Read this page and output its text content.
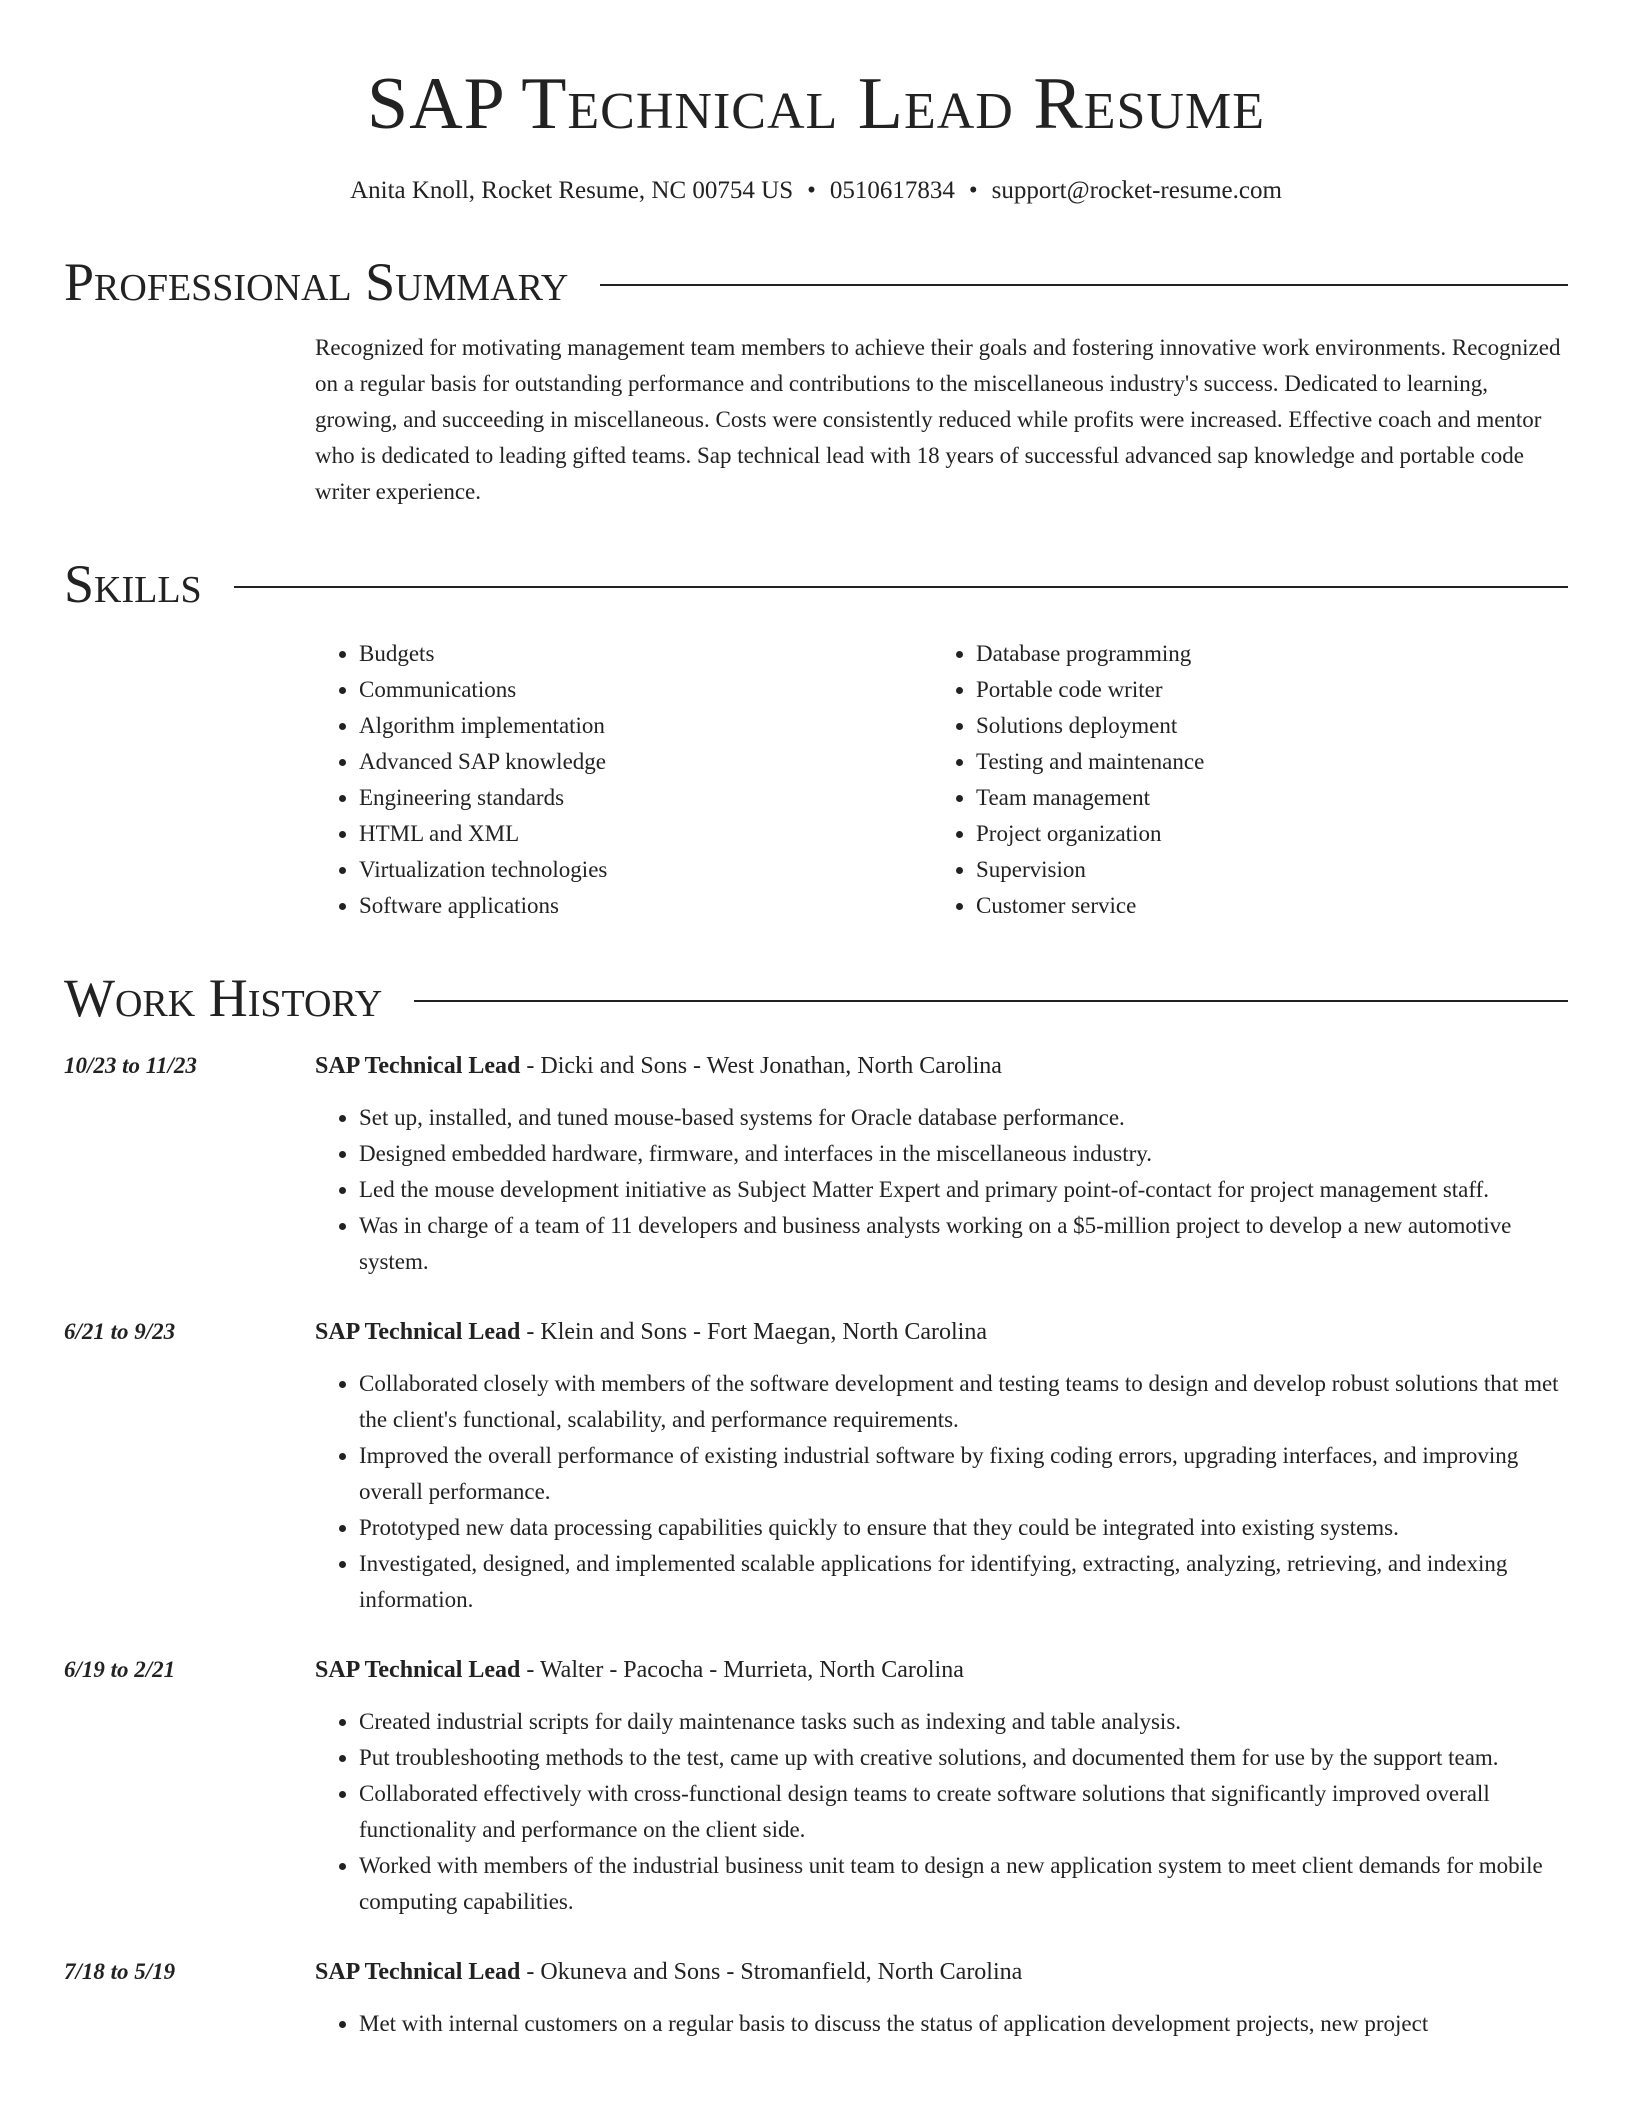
SAP Technical Lead Resume
Anita Knoll, Rocket Resume, NC 00754 US • 0510617834 • support@rocket-resume.com
Professional Summary
Recognized for motivating management team members to achieve their goals and fostering innovative work environments. Recognized on a regular basis for outstanding performance and contributions to the miscellaneous industry's success. Dedicated to learning, growing, and succeeding in miscellaneous. Costs were consistently reduced while profits were increased. Effective coach and mentor who is dedicated to leading gifted teams. Sap technical lead with 18 years of successful advanced sap knowledge and portable code writer experience.
Skills
• Budgets
• Communications
• Algorithm implementation
• Advanced SAP knowledge
• Engineering standards
• HTML and XML
• Virtualization technologies
• Software applications
• Database programming
• Portable code writer
• Solutions deployment
• Testing and maintenance
• Team management
• Project organization
• Supervision
• Customer service
Work History
10/23 to 11/23	SAP Technical Lead - Dicki and Sons - West Jonathan, North Carolina
• Set up, installed, and tuned mouse-based systems for Oracle database performance.
• Designed embedded hardware, firmware, and interfaces in the miscellaneous industry.
• Led the mouse development initiative as Subject Matter Expert and primary point-of-contact for project management staff.
• Was in charge of a team of 11 developers and business analysts working on a $5-million project to develop a new automotive system.
6/21 to 9/23	SAP Technical Lead - Klein and Sons - Fort Maegan, North Carolina
• Collaborated closely with members of the software development and testing teams to design and develop robust solutions that met the client's functional, scalability, and performance requirements.
• Improved the overall performance of existing industrial software by fixing coding errors, upgrading interfaces, and improving overall performance.
• Prototyped new data processing capabilities quickly to ensure that they could be integrated into existing systems.
• Investigated, designed, and implemented scalable applications for identifying, extracting, analyzing, retrieving, and indexing information.
6/19 to 2/21	SAP Technical Lead - Walter - Pacocha - Murrieta, North Carolina
• Created industrial scripts for daily maintenance tasks such as indexing and table analysis.
• Put troubleshooting methods to the test, came up with creative solutions, and documented them for use by the support team.
• Collaborated effectively with cross-functional design teams to create software solutions that significantly improved overall functionality and performance on the client side.
• Worked with members of the industrial business unit team to design a new application system to meet client demands for mobile computing capabilities.
7/18 to 5/19	SAP Technical Lead - Okuneva and Sons - Stromanfield, North Carolina
• Met with internal customers on a regular basis to discuss the status of application development projects, new project
